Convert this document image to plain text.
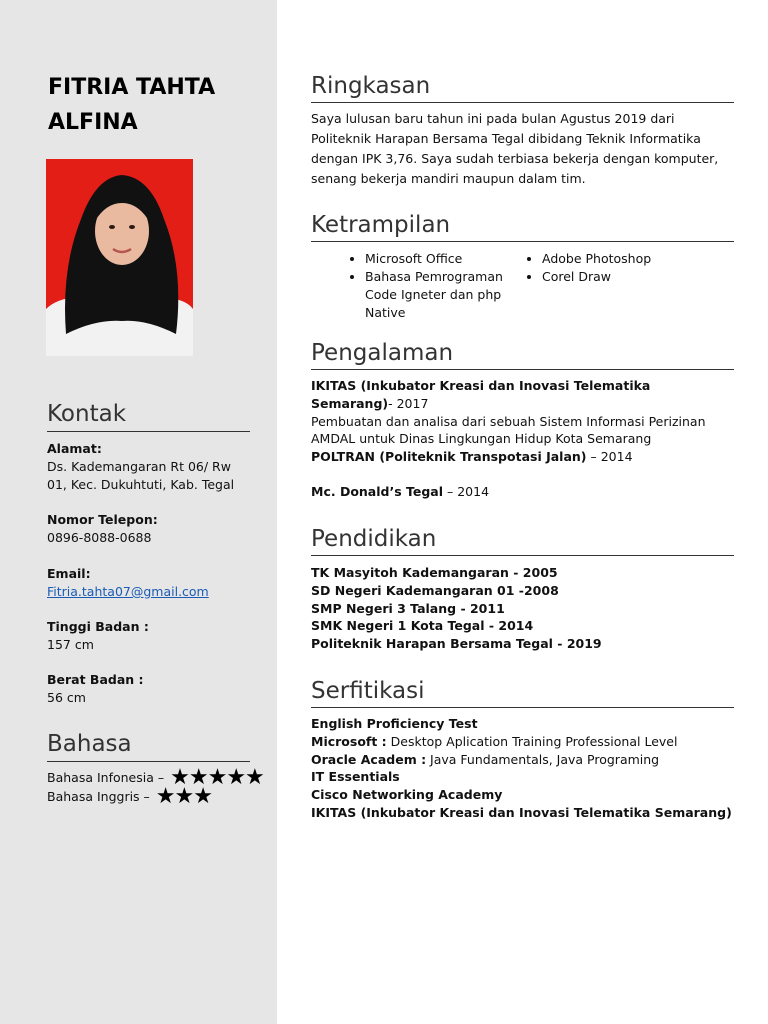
FITRIA TAHTA ALFINA
Kontak
Alamat:
Ds. Kademangaran Rt 06/ Rw 01, Kec. Dukuhtuti, Kab. Tegal
Nomor Telepon:
0896-8088-0688
Email:
Fitria.tahta07@gmail.com
Tinggi Badan :
157 cm
Berat Badan :
56 cm
Bahasa
Bahasa Infonesia – ★ ★ ★ ★ ★
Bahasa Inggris – ★ ★ ★
Ringkasan
Saya lulusan baru tahun ini pada bulan Agustus 2019 dari Politeknik Harapan Bersama Tegal dibidang Teknik Informatika dengan IPK 3,76. Saya sudah terbiasa bekerja dengan komputer, senang bekerja mandiri maupun dalam tim.
Ketrampilan
• Microsoft Office
• Bahasa Pemrograman Code Igneter dan php Native
• Adobe Photoshop
• Corel Draw
Pengalaman
IKITAS (Inkubator Kreasi dan Inovasi Telematika Semarang)- 2017
Pembuatan dan analisa dari sebuah Sistem Informasi Perizinan AMDAL untuk Dinas Lingkungan Hidup Kota Semarang
POLTRAN (Politeknik Transpotasi Jalan) – 2014
Mc. Donald’s Tegal – 2014
Pendidikan
TK Masyitoh Kademangaran - 2005
SD Negeri Kademangaran 01 -2008
SMP Negeri 3 Talang - 2011
SMK Negeri 1 Kota Tegal - 2014
Politeknik Harapan Bersama Tegal - 2019
Serfitikasi
English Proficiency Test
Microsoft : Desktop Aplication Training Professional Level
Oracle Academ : Java Fundamentals, Java Programing
IT Essentials
Cisco Networking Academy
IKITAS (Inkubator Kreasi dan Inovasi Telematika Semarang)
